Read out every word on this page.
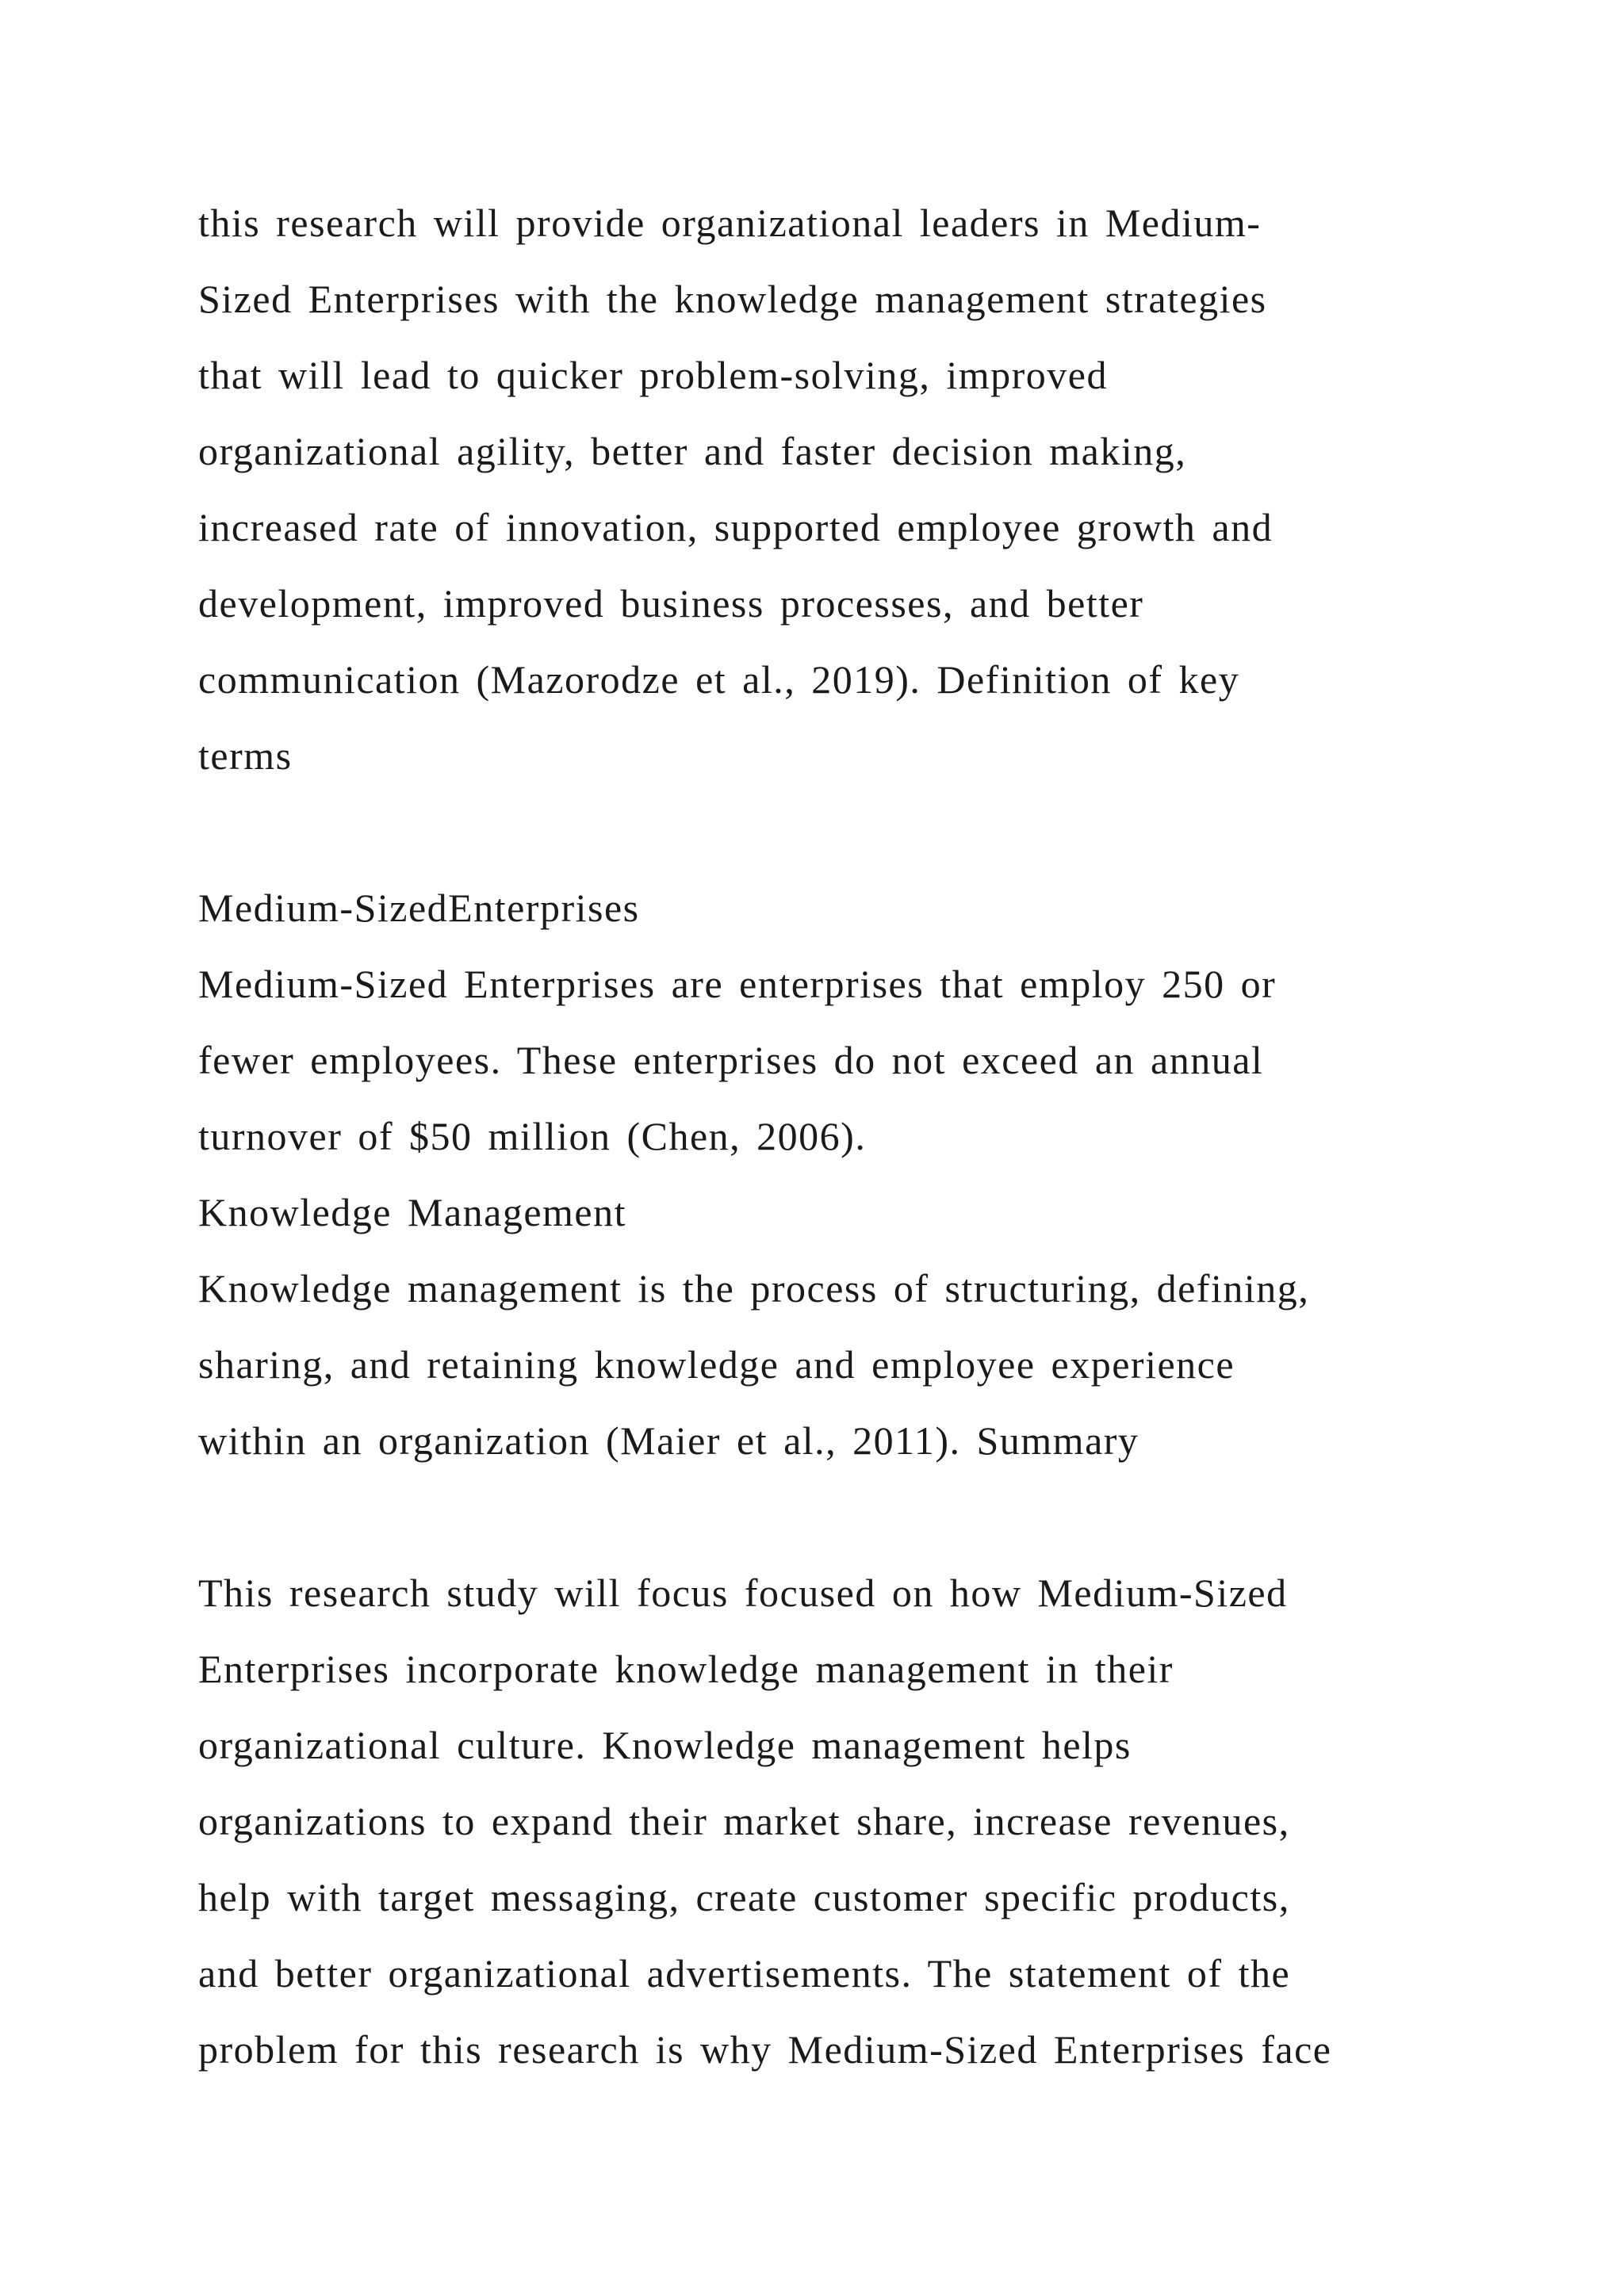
this research will provide organizational leaders in Medium-
Sized Enterprises with the knowledge management strategies
that will lead to quicker problem-solving, improved
organizational agility, better and faster decision making,
increased rate of innovation, supported employee growth and
development, improved business processes, and better
communication (Mazorodze et al., 2019). Definition of key
terms
Medium-SizedEnterprises
Medium-Sized Enterprises are enterprises that employ 250 or
fewer employees. These enterprises do not exceed an annual
turnover of $50 million (Chen, 2006).
Knowledge Management
Knowledge management is the process of structuring, defining,
sharing, and retaining knowledge and employee experience
within an organization (Maier et al., 2011). Summary
This research study will focus focused on how Medium-Sized
Enterprises incorporate knowledge management in their
organizational culture. Knowledge management helps
organizations to expand their market share, increase revenues,
help with target messaging, create customer specific products,
and better organizational advertisements. The statement of the
problem for this research is why Medium-Sized Enterprises face
